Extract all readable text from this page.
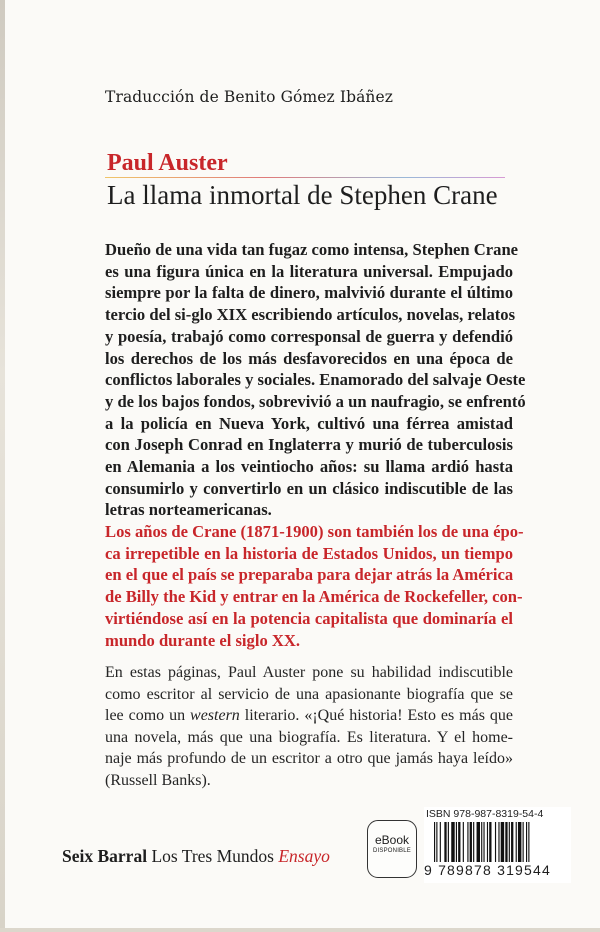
Traducción de Benito Gómez Ibáñez
Paul Auster
La llama inmortal de Stephen Crane
Dueño de una vida tan fugaz como intensa, Stephen Crane
es una figura única en la literatura universal. Empujado
siempre por la falta de dinero, malvivió durante el último
tercio del si-glo XIX escribiendo artículos, novelas, relatos
y poesía, trabajó como corresponsal de guerra y defendió
los derechos de los más desfavorecidos en una época de
conflictos laborales y sociales. Enamorado del salvaje Oeste
y de los bajos fondos, sobrevivió a un naufragio, se enfrentó
a la policía en Nueva York, cultivó una férrea amistad
con Joseph Conrad en Inglaterra y murió de tuberculosis
en Alemania a los veintiocho años: su llama ardió hasta
consumirlo y convertirlo en un clásico indiscutible de las
letras norteamericanas.
Los años de Crane (1871-1900) son también los de una épo-
ca irrepetible en la historia de Estados Unidos, un tiempo
en el que el país se preparaba para dejar atrás la América
de Billy the Kid y entrar en la América de Rockefeller, con-
virtiéndose así en la potencia capitalista que dominaría el
mundo durante el siglo XX.
En estas páginas, Paul Auster pone su habilidad indiscutible
como escritor al servicio de una apasionante biografía que se
lee como un western literario. «¡Qué historia! Esto es más que
una novela, más que una biografía. Es literatura. Y el home-
naje más profundo de un escritor a otro que jamás haya leído»
(Russell Banks).
Seix Barral Los Tres Mundos Ensayo
eBook
DISPONIBLE
ISBN 978-987-8319-54-4
9 789878 319544
